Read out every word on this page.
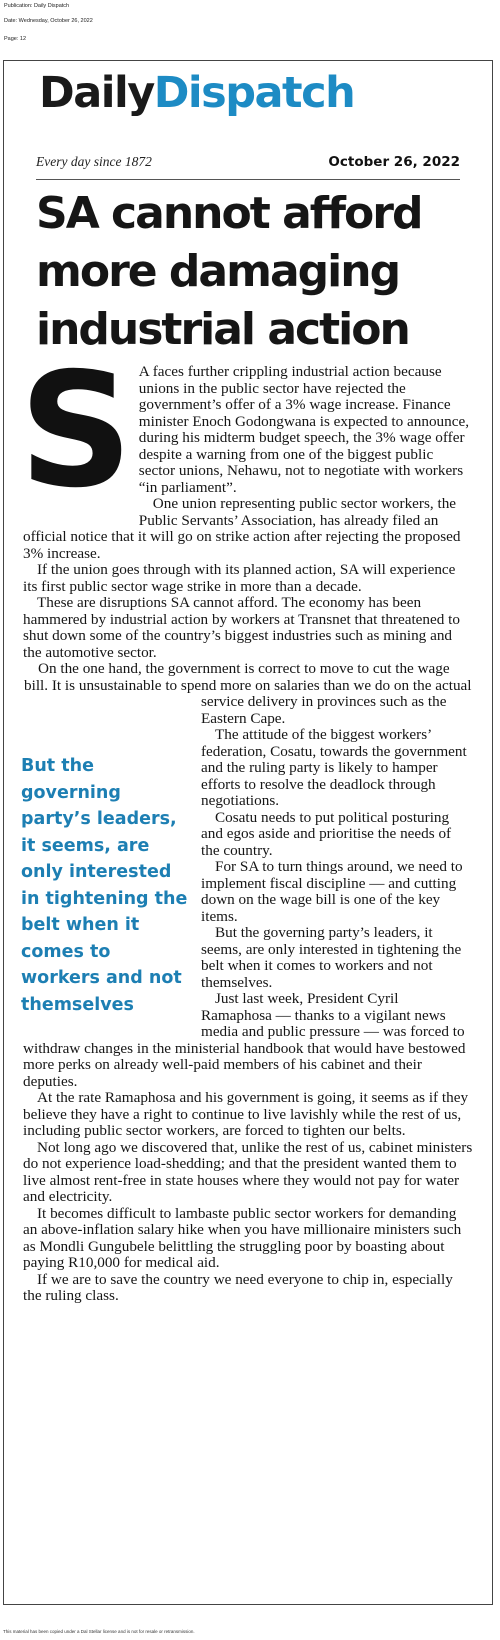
Publication: Daily Dispatch
Date: Wednesday, October 26, 2022
Page: 12
DailyDispatch
Every day since 1872	October 26, 2022
SA cannot afford more damaging industrial action
S A faces further crippling industrial action because unions in the public sector have rejected the government’s offer of a 3% wage increase. Finance minister Enoch Godongwana is expected to announce, during his midterm budget speech, the 3% wage offer despite a warning from one of the biggest public sector unions, Nehawu, not to negotiate with workers “in parliament”.

One union representing public sector workers, the Public Servants’ Association, has already filed an official notice that it will go on strike action after rejecting the proposed 3% increase.

If the union goes through with its planned action, SA will experience its first public sector wage strike in more than a decade.

These are disruptions SA cannot afford. The economy has been hammered by industrial action by workers at Transnet that threatened to shut down some of the country’s biggest industries such as mining and the automotive sector.

But the governing party’s leaders, it seems, are only interested in tightening the belt when it comes to workers and not themselves

On the one hand, the government is correct to move to cut the wage bill. It is unsustainable to spend more on salaries than we do on the actual service delivery in provinces such as the Eastern Cape.

The attitude of the biggest workers’ federation, Cosatu, towards the government and the ruling party is likely to hamper efforts to resolve the deadlock through negotiations.

Cosatu needs to put political posturing and egos aside and prioritise the needs of the country.

For SA to turn things around, we need to implement fiscal discipline — and cutting down on the wage bill is one of the key items.

But the governing party’s leaders, it seems, are only interested in tightening the belt when it comes to workers and not themselves.

Just last week, President Cyril Ramaphosa — thanks to a vigilant news media and public pressure — was forced to withdraw changes in the ministerial handbook that would have bestowed more perks on already well-paid members of his cabinet and their deputies.

At the rate Ramaphosa and his government is going, it seems as if they believe they have a right to continue to live lavishly while the rest of us, including public sector workers, are forced to tighten our belts.

Not long ago we discovered that, unlike the rest of us, cabinet ministers do not experience load-shedding; and that the president wanted them to live almost rent-free in state houses where they would not pay for water and electricity.

It becomes difficult to lambaste public sector workers for demanding an above-inflation salary hike when you have millionaire ministers such as Mondli Gungubele belittling the struggling poor by boasting about paying R10,000 for medical aid.

If we are to save the country we need everyone to chip in, especially the ruling class.

This material has been copied under a Dal Stellar license and is not for resale or retransmission.
